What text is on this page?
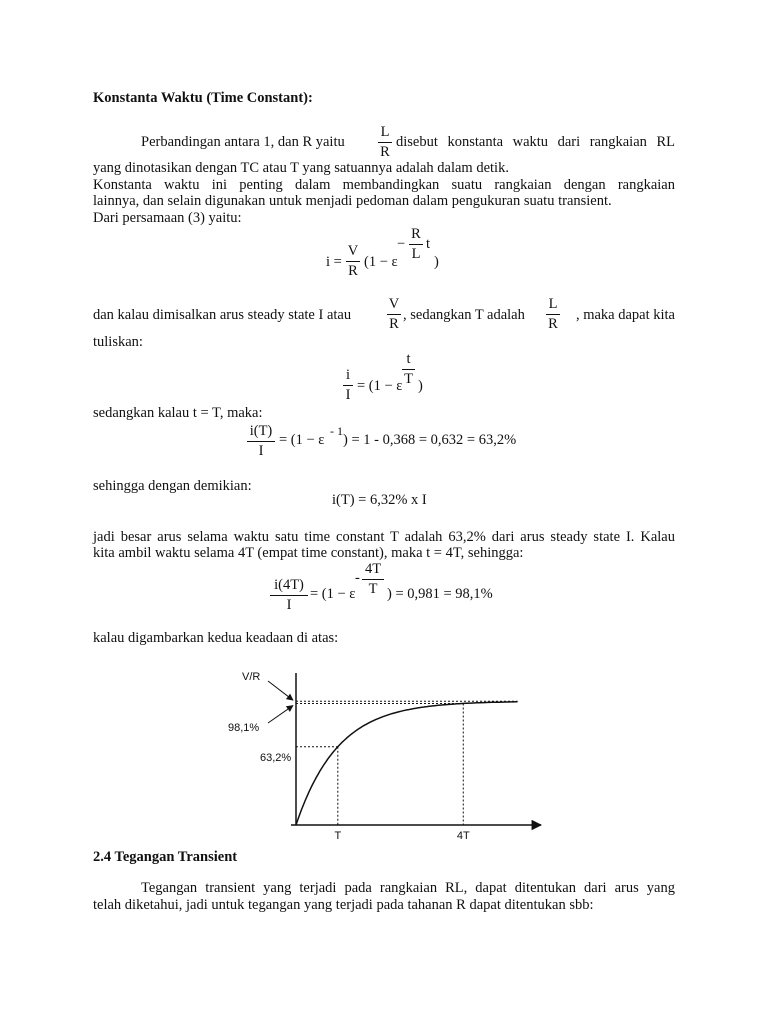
Konstanta Waktu (Time Constant):
Perbandingan antara 1, dan R yaitu
L
R
disebut konstanta waktu dari rangkaian RL
yang dinotasikan dengan TC atau T yang satuannya adalah dalam detik.
Konstanta waktu ini penting dalam membandingkan suatu rangkaian dengan rangkaian
lainnya, dan selain digunakan untuk menjadi pedoman dalam pengukuran suatu transient.
Dari persamaan (3) yaitu:
i =
V
R
(1 − ε
−
R
L
t
)
dan kalau dimisalkan arus steady state I atau
V
R
, sedangkan T adalah
L
R
, maka dapat kita
tuliskan:
i
I
= (1 − ε
t
T )
sedangkan kalau t = T, maka:
i(T)
I
= (1 − ε
- 1
) = 1 - 0,368 = 0,632 = 63,2%
sehingga dengan demikian:
i(T) = 6,32% x I
jadi besar arus selama waktu satu time constant T adalah 63,2% dari arus steady state I. Kalau
kita ambil waktu selama 4T (empat time constant), maka t = 4T, sehingga:
i(4T)
I
= (1 − ε
-
4T
T ) = 0,981 = 98,1%
kalau digambarkan kedua keadaan di atas:
V/R
98,1%
63,2%
T	4T
2.4 Tegangan Transient
Tegangan transient yang terjadi pada rangkaian RL, dapat ditentukan dari arus yang
telah diketahui, jadi untuk tegangan yang terjadi pada tahanan R dapat ditentukan sbb:
